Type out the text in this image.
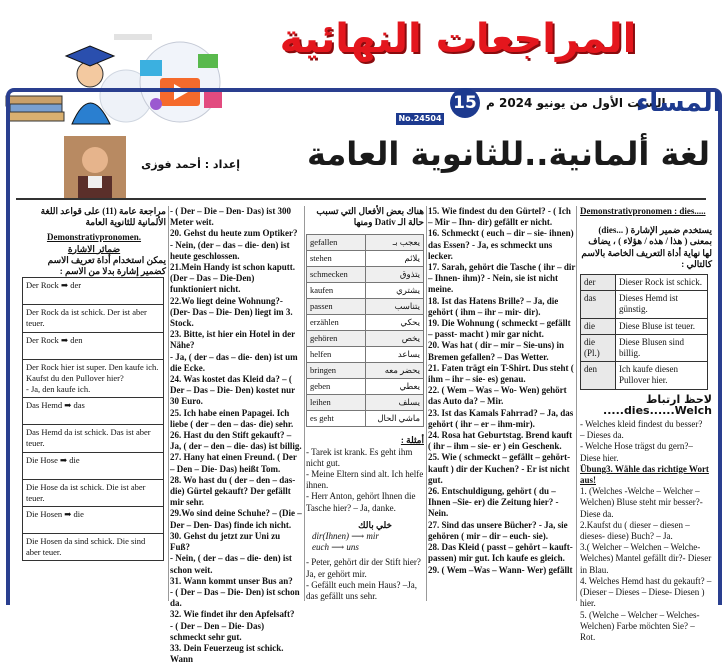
المراجعات النهائية
15 السبت الأول من يونيو 2024 م
المساء
No.24504
لغة ألمانية..للثانوية العامة
إعداد : أحمد فوزى

Demonstrativpronomen : dies.....

يستخدم ضمير الإشارة ( ...dies) بمعنى ( هذا / هذه / هؤلاء ) ، يضاف لها نهاية أداة التعريف الخاصة بالاسم كالتالي :

der	Dieser Rock ist schick.
das	Dieses Hemd ist günstig.
die	Diese Bluse ist teuer.
die (Pl.)	Diese Blusen sind billig.
den	Ich kaufe diesen Pullover hier.

لاحظ ارتباط dies......Welch.....

- Welches kleid findest du besser?

– Dieses da.

- Welche Hose trägst du gern?– Diese hier.

Übung3. Wähle das richtige Wort aus!

1. (Welches -Welche – Welcher – Welchen) Bluse steht mir besser?- Diese da.

2.Kaufst du ( dieser – diesen – dieses- diese) Buch? – Ja.

3.( Welcher – Welchen – Welche- Welches) Mantel gefällt dir?- Dieser in Blau.

4. Welches Hemd hast du gekauft? –(Dieser – Dieses – Diese- Diesen ) hier.

5. (Welche – Welcher – Welches- Welchen) Farbe möchten Sie? – Rot.

15. Wie findest du den Gürtel? - ( Ich – Mir – Ihn- dir) gefällt er nicht.

16. Schmeckt ( euch – dir – sie- ihnen) das Essen? - Ja, es schmeckt uns lecker.

17. Sarah, gehört die Tasche ( ihr – dir – Ihnen- ihm)? - Nein, sie ist nicht meine.

18. Ist das Hatens Brille? – Ja, die gehört ( ihm – ihr – mir- dir).

19. Die Wohnung ( schmeckt – gefällt – passt- macht ) mir gar nicht.

20. Was hat ( dir – mir – Sie-uns) in Bremen gefallen? – Das Wetter.

21. Faten trägt ein T-Shirt. Dus steht ( ihm – ihr – sie- es) genau.

22. ( Wem – Was – Wo- Wen) gehört das Auto da? – Mir.

23. Ist das Kamals Fahrrad? – Ja, das gehört ( ihr – er – ihm-mir).

24. Rosa hat Geburtstag. Brend kauft ( ihr – ihm – sie- er ) ein Geschenk.

25. Wie ( schmeckt – gefällt – gehört- kauft ) dir der Kuchen? - Er ist nicht gut.

26. Entschuldigung, gehört ( du – Ihnen –Sie- er) die Zeitung hier? - Nein.

27. Sind das unsere Bücher? - Ja, sie gehören ( mir – dir – euch- sie).

28. Das Kleid ( passt – gehört – kauft- passen) mir gut. Ich kaufe es gleich.

29. ( Wem –Was – Wann- Wer) gefällt

هناك بعض الأفعال التي تسبب حالة الـ Dativ ومنها

gefallen	يعجب بـ
stehen	يلائم
schmecken	يتذوق
kaufen	يشتري
passen	يتناسب
erzählen	يحكي
gehören	يخص
helfen	يساعد
bringen	يحضر معه
geben	يعطي
leihen	يسلف
es geht	ماشي الحال

أمثلة :

- Tarek ist krank. Es geht ihm nicht gut.

- Meine Eltern sind alt. Ich helfe ihnen.

- Herr Anton, gehört Ihnen die Tasche hier? – Ja, danke.

خلي بالك
dir(Ihnen) ⟶ mir
euch ⟶ uns

- Peter, gehört dir der Stift hier? Ja, er gehört mir.

- Gefällt euch mein Haus? –Ja, das gefällt uns sehr.

- ( Der – Die – Den- Das) ist 300 Meter weit.

20. Gehst du heute zum Optiker?

- Nein, (der – das – die- den) ist heute geschlossen.

21.Mein Handy ist schon kaputt.(Der – Das – Die-Den) funktioniert nicht.

22.Wo liegt deine Wohnung?-(Der- Das – Die- Den) liegt im 3. Stock.

23. Bitte, ist hier ein Hotel in der Nähe?

- Ja, ( der – das – die- den) ist um die Ecke.

24. Was kostet das Kleid da? – ( Der – Das – Die- Den) kostet nur 30 Euro.

25. Ich habe einen Papagei. Ich liebe ( der – den – das- die) sehr.

26. Hast du den Stift gekauft? – Ja, ( der – den – die- das) ist billig.

27. Hany hat einen Freund. ( Der – Den – Die- Das) heißt Tom.

28. Wo hast du ( der – den – das- die) Gürtel gekauft? Der gefällt mir sehr.

29.Wo sind deine Schuhe? – (Die – Der – Den- Das) finde ich nicht.

30. Gehst du jetzt zur Uni zu Fuß?

- Nein, ( der – das – die- den) ist schon weit.

31. Wann kommt unser Bus an?

- ( Der – Das – Die- Den) ist schon da.

32. Wie findet ihr den Apfelsaft?

- ( Der – Den – Die- Das) schmeckt sehr gut.

33. Dein Feuerzeug ist schick. Wann

مراجعة عامة (11) على قواعد اللغة الألمانية للثانوية العامة

Demonstrativpronomen.

ضمائر الاشارة

يمكن استخدام أداة تعريف الاسم كضمير إشارة بدلا من الاسم :

Der Rock ➡ der
Der Rock da ist schick. Der ist aber teuer.
Der Rock ➡ den
Der Rock hier ist super. Den kaufe ich.
Kaufst du den Pullover hier?
- Ja, den kaufe ich.
Das Hemd ➡ das
Das Hemd da ist schick. Das ist aber teuer.
Die Hose ➡ die
Die Hose da ist schick. Die ist aber teuer.
Die Hosen ➡ die
Die Hosen da sind schick. Die sind aber teuer.
